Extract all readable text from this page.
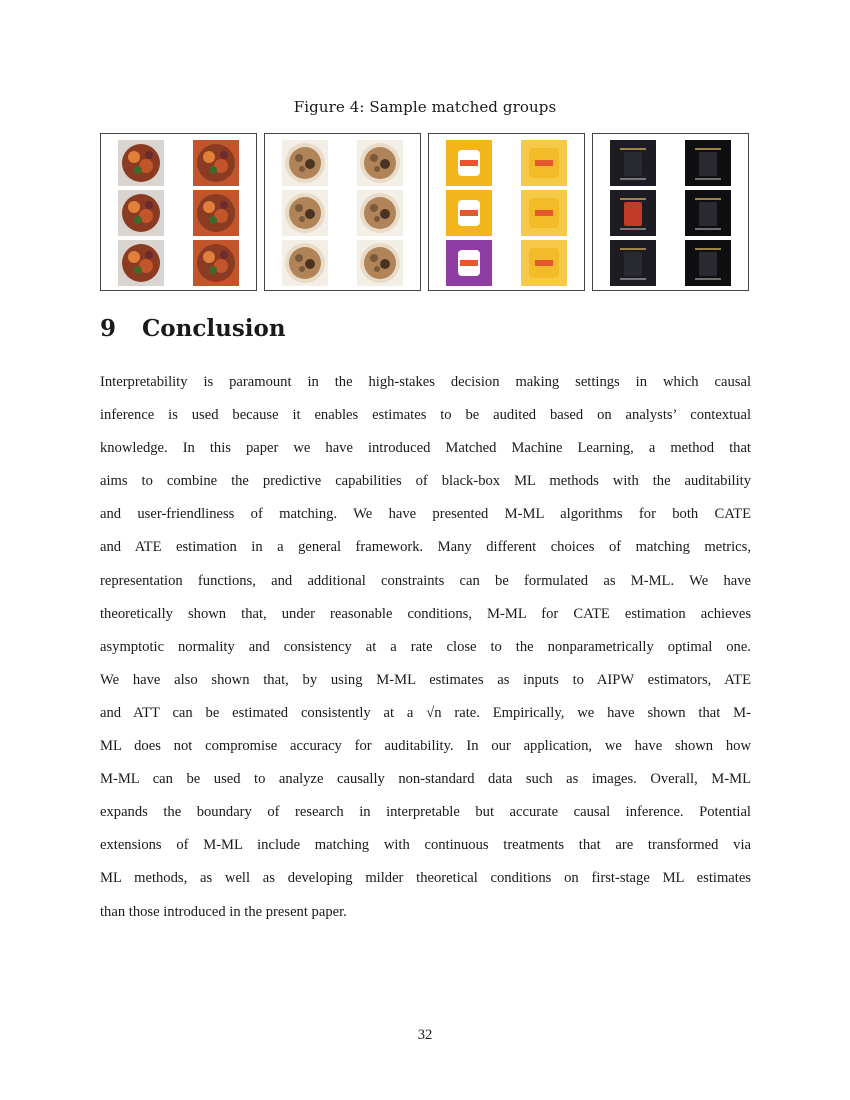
Figure 4: Sample matched groups
9 Conclusion
Interpretability is paramount in the high-stakes decision making settings in which causal
inference is used because it enables estimates to be audited based on analysts’ contextual
knowledge. In this paper we have introduced Matched Machine Learning, a method that
aims to combine the predictive capabilities of black-box ML methods with the auditability
and user-friendliness of matching. We have presented M-ML algorithms for both CATE
and ATE estimation in a general framework. Many different choices of matching metrics,
representation functions, and additional constraints can be formulated as M-ML. We have
theoretically shown that, under reasonable conditions, M-ML for CATE estimation achieves
asymptotic normality and consistency at a rate close to the nonparametrically optimal one.
We have also shown that, by using M-ML estimates as inputs to AIPW estimators, ATE
and ATT can be estimated consistently at a √n rate. Empirically, we have shown that M-
ML does not compromise accuracy for auditability. In our application, we have shown how
M-ML can be used to analyze causally non-standard data such as images. Overall, M-ML
expands the boundary of research in interpretable but accurate causal inference. Potential
extensions of M-ML include matching with continuous treatments that are transformed via
ML methods, as well as developing milder theoretical conditions on first-stage ML estimates
than those introduced in the present paper.
32
